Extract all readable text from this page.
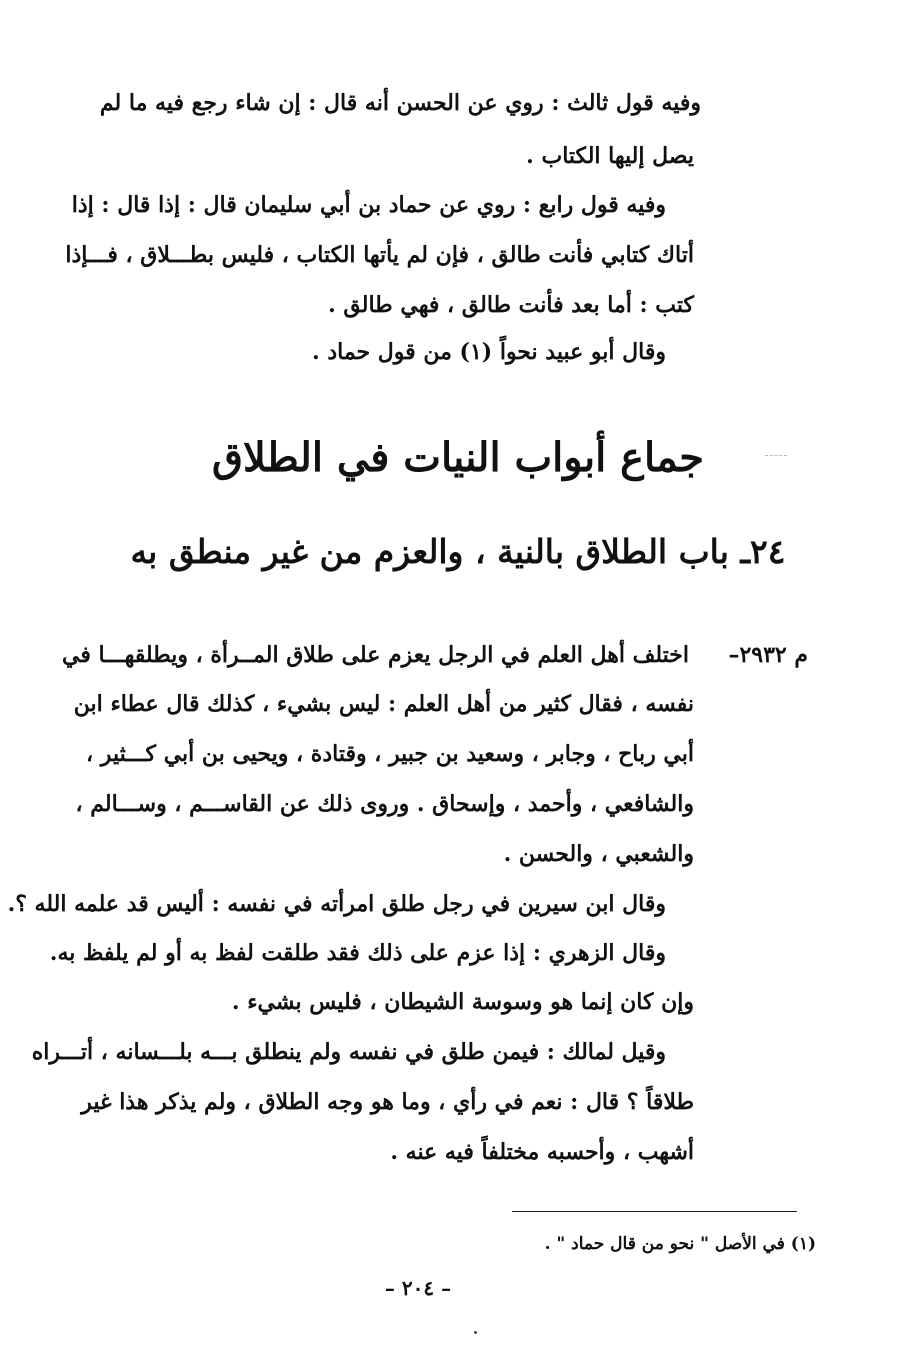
وفيه قول ثالث : روي عن الحسن أنه قال : إن شاء رجع فيه ما لم
يصل إليها الكتاب .
وفيه قول رابع : روي عن حماد بن أبي سليمان قال : إذا قال : إذا
أتاك كتابي فأنت طالق ، فإن لم يأتها الكتاب ، فليس بطـــلاق ، فـــإذا
كتب : أما بعد فأنت طالق ، فهي طالق .
وقال أبو عبيد نحواً (١) من قول حماد .
جماع أبواب النيات في الطلاق
٢٤ـ باب الطلاق بالنية ، والعزم من غير منطق به
م ٢٩٣٢–
اختلف أهل العلم في الرجل يعزم على طلاق المــرأة ، ويطلقهـــا في
نفسه ، فقال كثير من أهل العلم : ليس بشيء ، كذلك قال عطاء ابن
أبي رباح ، وجابر ، وسعيد بن جبير ، وقتادة ، ويحيى بن أبي كـــثير ،
والشافعي ، وأحمد ، وإسحاق . وروى ذلك عن القاســـم ، وســـالم ،
والشعبي ، والحسن .
وقال ابن سيرين في رجل طلق امرأته في نفسه : أليس قد علمه الله ؟.
وقال الزهري : إذا عزم على ذلك فقد طلقت لفظ به أو لم يلفظ به.
وإن كان إنما هو وسوسة الشيطان ، فليس بشيء .
وقيل لمالك : فيمن طلق في نفسه ولم ينطلق بـــه بلـــسانه ، أتـــراه
طلاقاً ؟ قال : نعم في رأي ، وما هو وجه الطلاق ، ولم يذكر هذا غير
أشهب ، وأحسبه مختلفاً فيه عنه .
(١) في الأصل " نحو من قال حماد " .
– ٢٠٤ –
